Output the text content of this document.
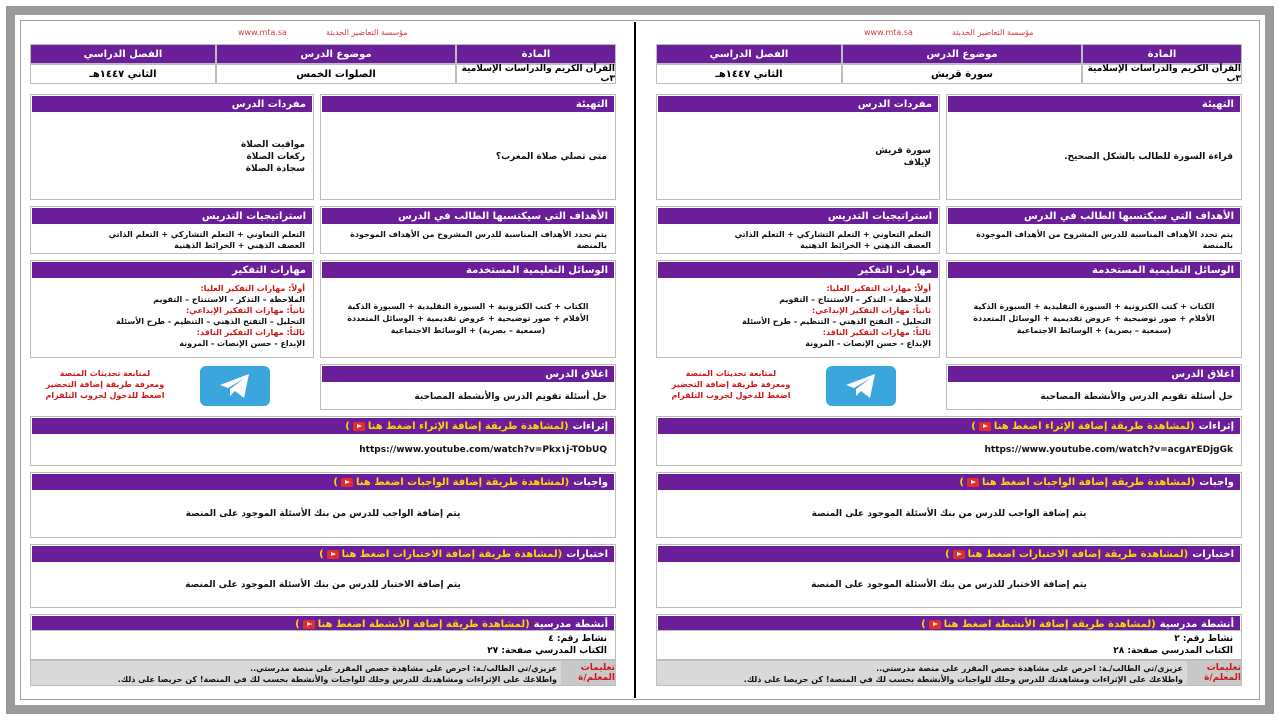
www.mta.sa	مؤسسة التعاضير الحديثة
المادة
موضوع الدرس
الفصل الدراسي
القرآن الكريم والدراسات الإسلامية ٣ب
سورة قريش
الثاني ١٤٤٧هـ
التهيئة
قراءة السورة للطالب بالشكل الصحيح.
مفردات الدرس
سورة قريش
لإيلاف
الأهداف التي سيكتسبها الطالب في الدرس
يتم تحدد الأهداف المناسبة للدرس المشروح من الأهداف الموجودة بالمنصة
استراتيجيات التدريس
التعلم التعاوني + التعلم التشاركي + التعلم الذاتي
العصف الذهني + الخرائط الذهنية
الوسائل التعليمية المستخدمة
الكتاب + كتب الكترونية + السبورة التقليدية + السبورة الذكية
الأقلام + صور توضيحية + عروض تقديمية + الوسائل المتعددة
(سمعية – بصرية) + الوسائط الاجتماعية
مهارات التفكير
أولاً: مهارات التفكير العليا:
الملاحظة – التذكر – الاستنتاج – التقويم
ثانياً: مهارات التفكير الإبداعي:
التحليل – التفتح الذهني – التنظيم - طرح الأسئلة
ثالثاً: مهارات التفكير الناقد:
الإبداع - حسن الإنصات - المرونة
اغلاق الدرس
حل أسئلة تقويم الدرس والأنشطة المصاحبة
لمتابعة تحديثات المنصة
ومعرفة طريقة إضافة التحضير
اضغط للدخول لجروب التلقرام
إثراءات
(لمشاهدة طريقة إضافة الإثراء اضغط هنا
)
https://www.youtube.com/watch?v=acg٨٣EDjgGk
واجبات
(لمشاهدة طريقة إضافة الواجبات اضغط هنا
)
يتم إضافة الواجب للدرس من بنك الأسئلة الموجود على المنصة
اختبارات
(لمشاهدة طريقة إضافة الاختبارات اضغط هنا
)
يتم إضافة الاختبار للدرس من بنك الأسئلة الموجود على المنصة
أنشطة مدرسية
(لمشاهدة طريقة إضافة الأنشطة اضغط هنا
)
نشاط رقم: ٢
الكتاب المدرسي صفحة: ٢٨
تعليمات المعلم/ة
عزيزي/تي الطالب/ـة: احرص على مشاهدة حصص المقرر على منصة مدرستي..
واطلاعك على الإثراءات ومشاهدتك للدرس وحلك للواجبات والأنشطة بحسب لك في المنصة! كن حريصا على ذلك.
www.mta.sa	مؤسسة التعاضير الحديثة
المادة
موضوع الدرس
الفصل الدراسي
القرآن الكريم والدراسات الإسلامية ٣ب
الصلوات الخمس
الثاني ١٤٤٧هـ
التهيئة
متى تصلي صلاة المغرب؟
مفردات الدرس
مواقيت الصلاة
ركعات الصلاة
سجادة الصلاة
الأهداف التي سيكتسبها الطالب في الدرس
يتم تحدد الأهداف المناسبة للدرس المشروح من الأهداف الموجودة بالمنصة
استراتيجيات التدريس
التعلم التعاوني + التعلم التشاركي + التعلم الذاتي
العصف الذهني + الخرائط الذهنية
الوسائل التعليمية المستخدمة
الكتاب + كتب الكترونية + السبورة التقليدية + السبورة الذكية
الأقلام + صور توضيحية + عروض تقديمية + الوسائل المتعددة
(سمعية – بصرية) + الوسائط الاجتماعية
مهارات التفكير
أولاً: مهارات التفكير العليا:
الملاحظة – التذكر – الاستنتاج – التقويم
ثانياً: مهارات التفكير الإبداعي:
التحليل – التفتح الذهني – التنظيم - طرح الأسئلة
ثالثاً: مهارات التفكير الناقد:
الإبداع - حسن الإنصات - المرونة
اغلاق الدرس
حل أسئلة تقويم الدرس والأنشطة المصاحبة
لمتابعة تحديثات المنصة
ومعرفة طريقة إضافة التحضير
اضغط للدخول لجروب التلقرام
إثراءات
(لمشاهدة طريقة إضافة الإثراء اضغط هنا
)
https://www.youtube.com/watch?v=Pkx١j-TObUQ
واجبات
(لمشاهدة طريقة إضافة الواجبات اضغط هنا
)
يتم إضافة الواجب للدرس من بنك الأسئلة الموجود على المنصة
اختبارات
(لمشاهدة طريقة إضافة الاختبارات اضغط هنا
)
يتم إضافة الاختبار للدرس من بنك الأسئلة الموجود على المنصة
أنشطة مدرسية
(لمشاهدة طريقة إضافة الأنشطة اضغط هنا
)
نشاط رقم: ٤
الكتاب المدرسي صفحة: ٢٧
تعليمات المعلم/ة
عزيزي/تي الطالب/ـة: احرص على مشاهدة حصص المقرر على منصة مدرستي..
واطلاعك على الإثراءات ومشاهدتك للدرس وحلك للواجبات والأنشطة بحسب لك في المنصة! كن حريصا على ذلك.
